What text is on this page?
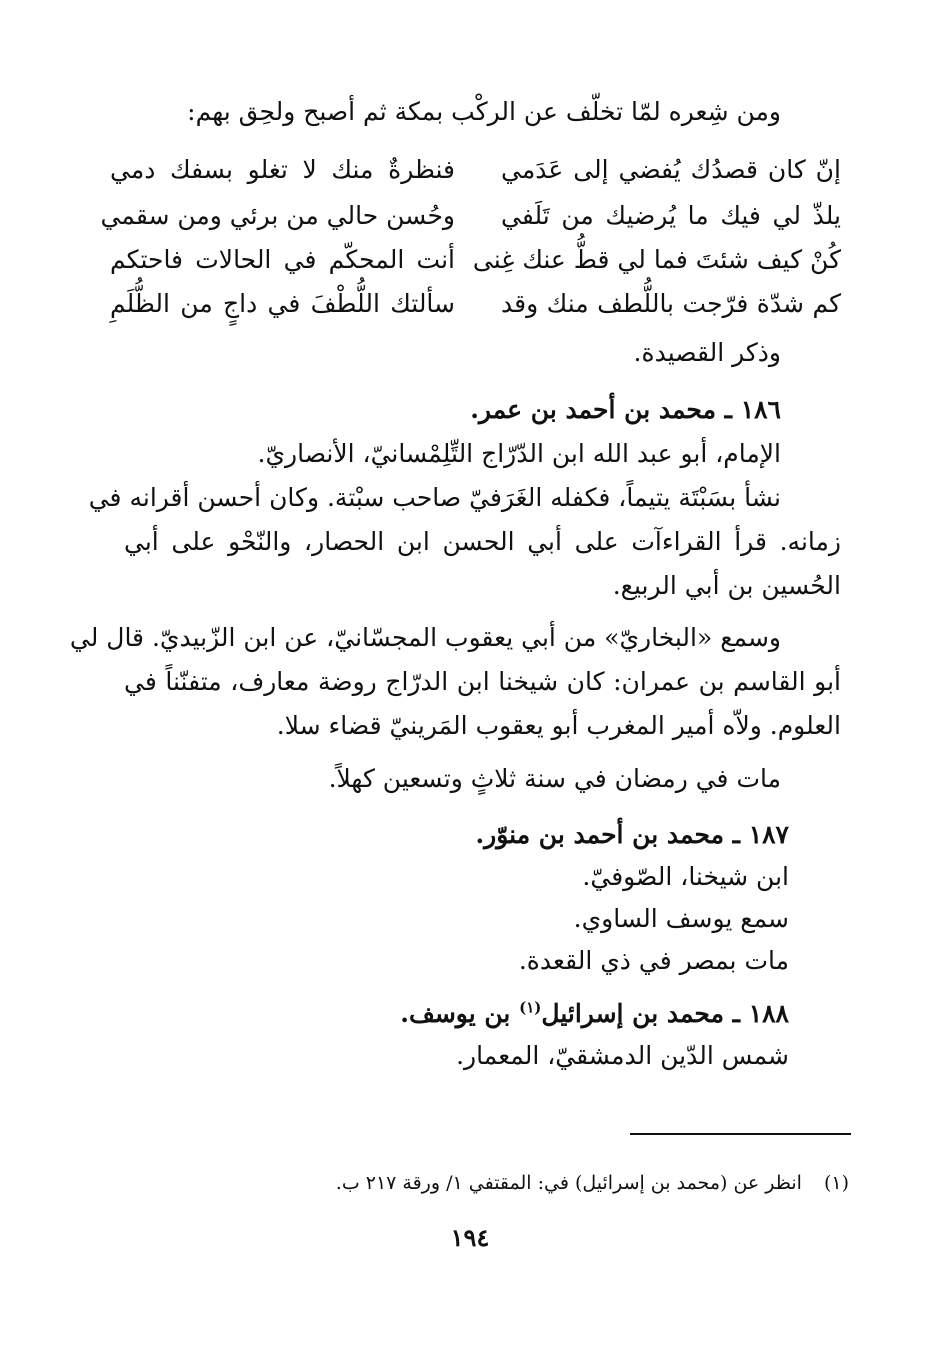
ومن شِعره لمّا تخلّف عن الركْب بمكة ثم أصبح ولحِق بهم:
إنّ كان قصدُك يُفضي إلى عَدَمي
فنظرةٌ منك لا تغلو بسفك دمي
يلذّ لي فيك ما يُرضيك من تَلَفي
وحُسن حالي من برئي ومن سقمي
كُنْ كيف شئتَ فما لي قطُّ عنك غِنى
أنت المحكّم في الحالات فاحتكم
كم شدّة فرّجت باللُّطف منك وقد
سألتك اللُّطْفَ في داجٍ من الظُّلَمِ
وذكر القصيدة.
١٨٦ ـ محمد بن أحمد بن عمر.
الإمام، أبو عبد الله ابن الدّرّاج التِّلِمْسانيّ، الأنصاريّ.
نشأ بسَبْتَة يتيماً، فكفله الغَرَفيّ صاحب سبْتة. وكان أحسن أقرانه في
زمانه. قرأ القراءآت على أبي الحسن ابن الحصار، والنّحْو على أبي
الحُسين بن أبي الربيع.
وسمع «البخاريّ» من أبي يعقوب المجسّانيّ، عن ابن الزّبيديّ. قال لي
أبو القاسم بن عمران: كان شيخنا ابن الدرّاج روضة معارف، متفنّناً في
العلوم. ولاّه أمير المغرب أبو يعقوب المَرينيّ قضاء سلا.
مات في رمضان في سنة ثلاثٍ وتسعين كهلاً.
١٨٧ ـ محمد بن أحمد بن منوّر.
ابن شيخنا، الصّوفيّ.
سمع يوسف الساوي.
مات بمصر في ذي القعدة.
١٨٨ ـ محمد بن إسرائيل$^{(١)}$ بن يوسف.
شمس الدّين الدمشقيّ، المعمار.
(١)انظر عن (محمد بن إسرائيل) في: المقتفي ١/ ورقة ٢١٧ ب.
١٩٤
